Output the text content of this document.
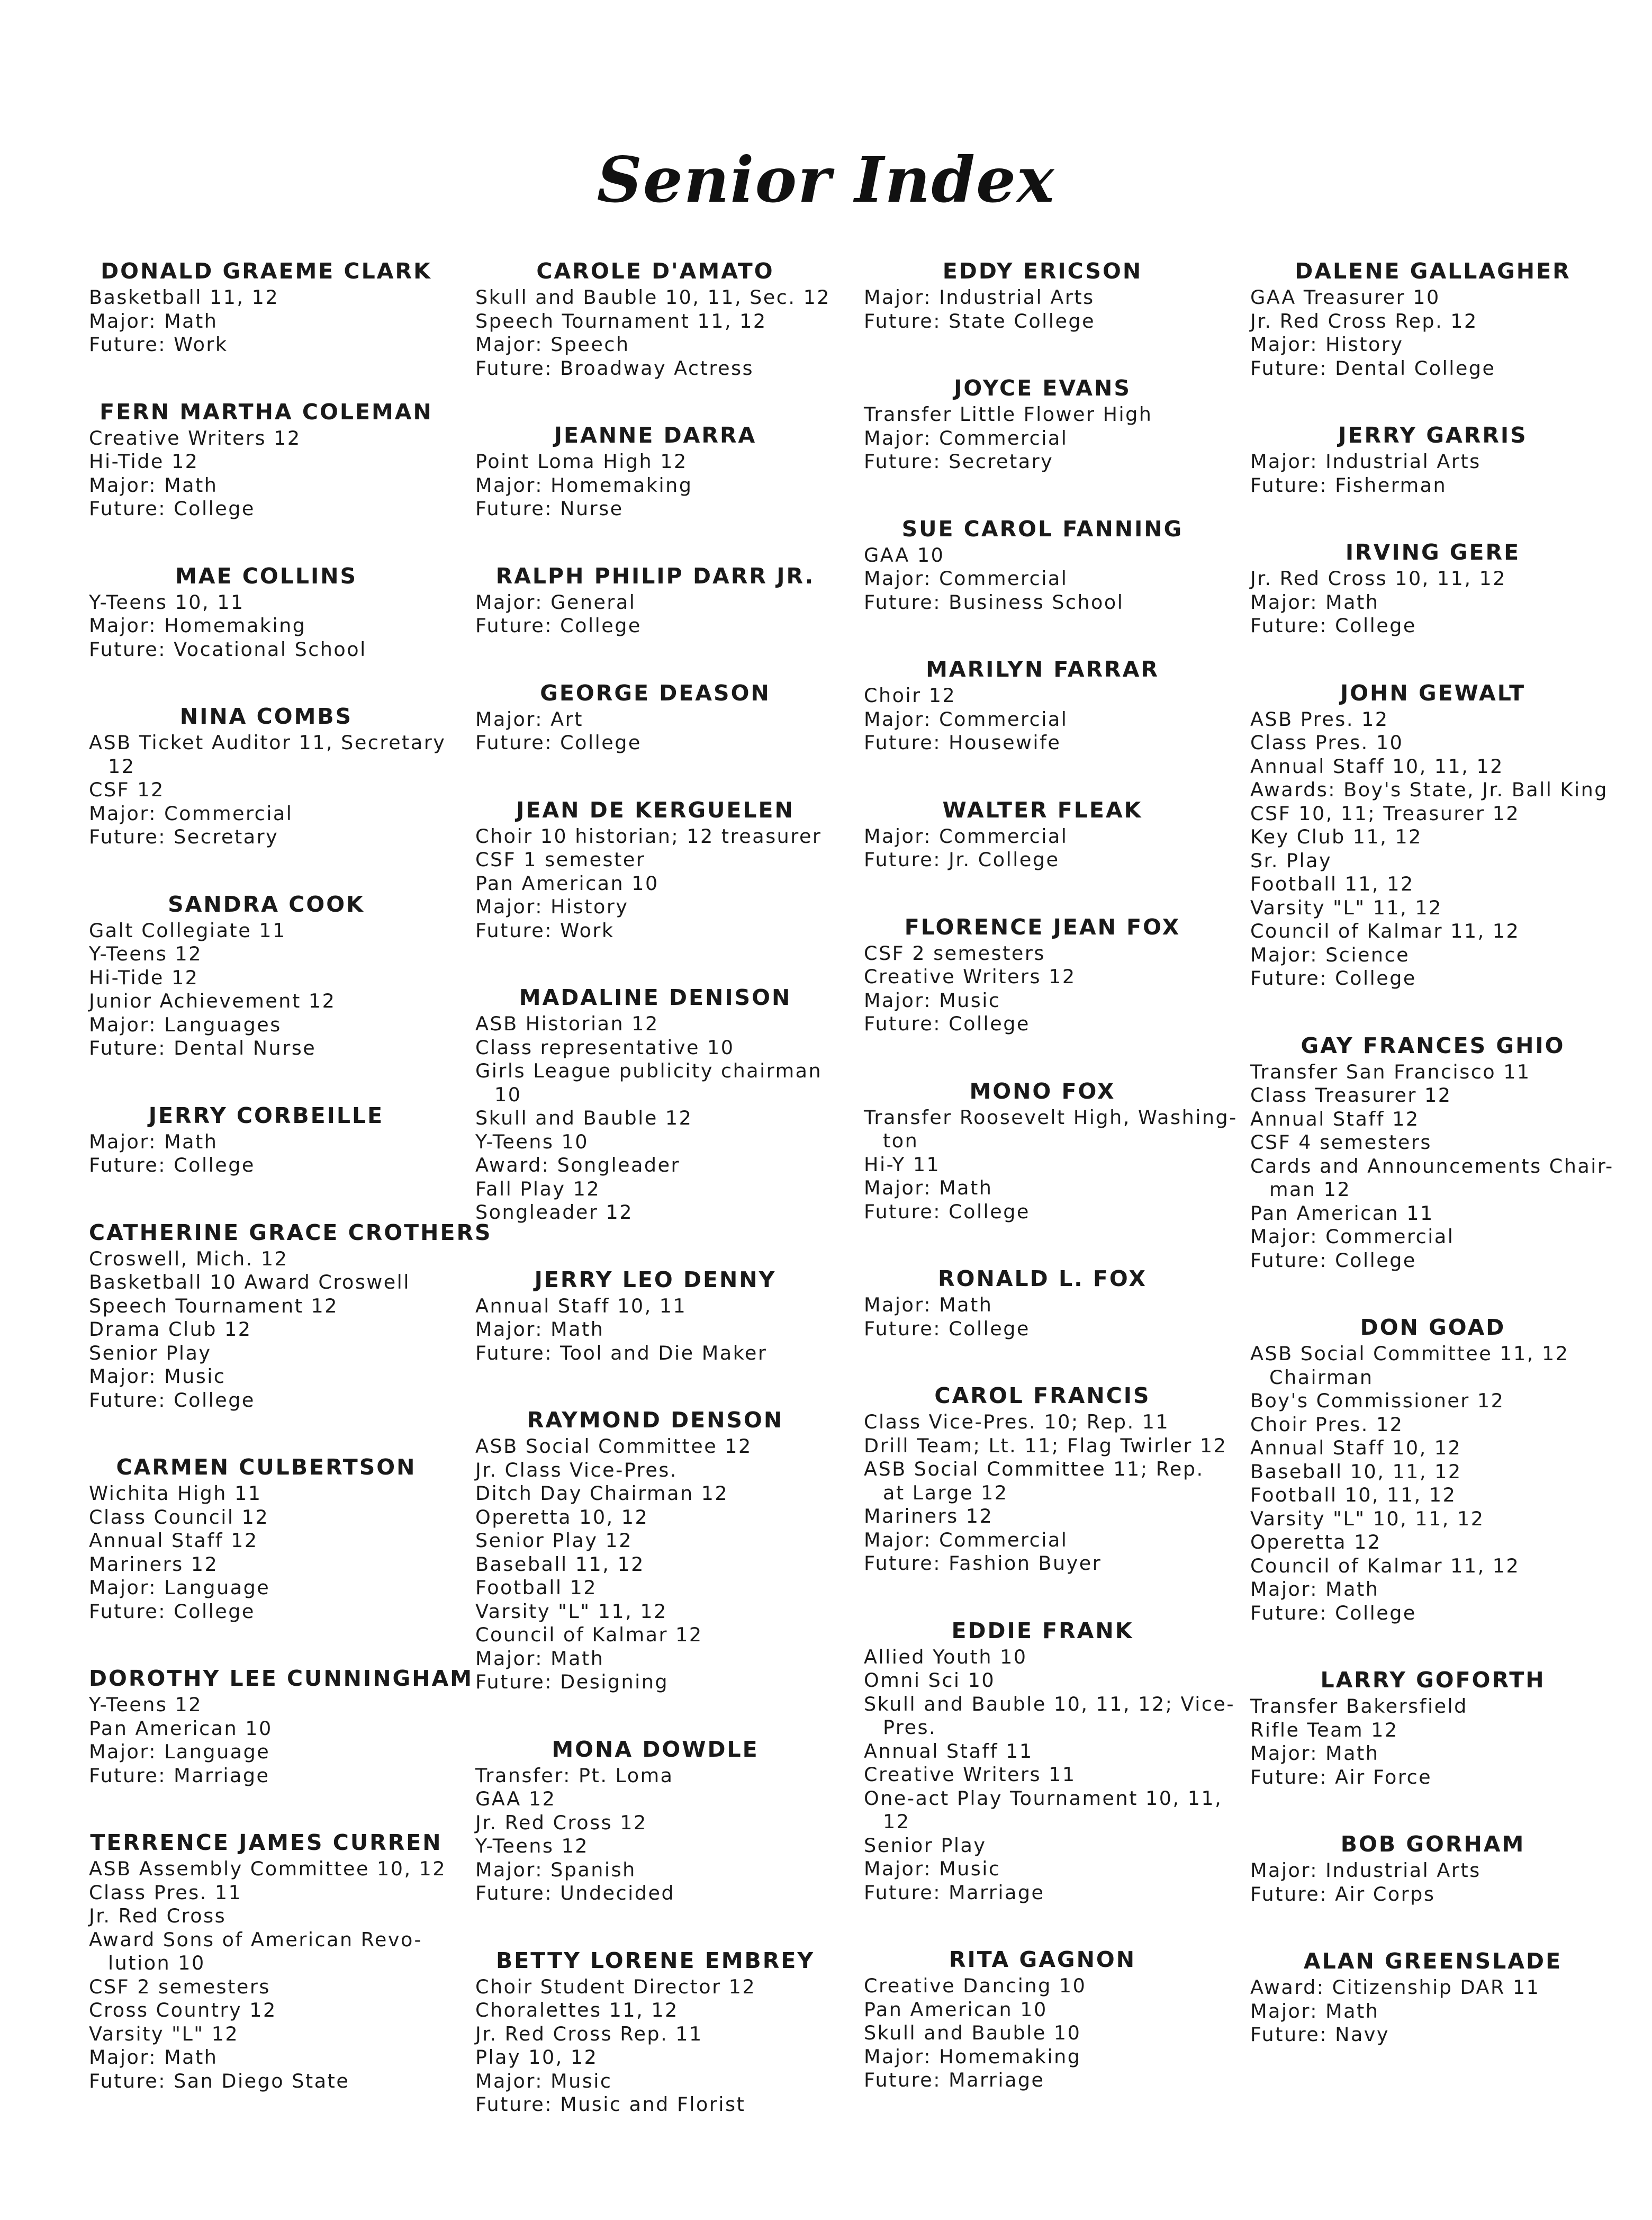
Senior Index
DONALD GRAEME CLARK
Basketball 11, 12
Major: Math
Future: Work
FERN MARTHA COLEMAN
Creative Writers 12
Hi-Tide 12
Major: Math
Future: College
MAE COLLINS
Y-Teens 10, 11
Major: Homemaking
Future: Vocational School
NINA COMBS
ASB Ticket Auditor 11, Secretary
12
CSF 12
Major: Commercial
Future: Secretary
SANDRA COOK
Galt Collegiate 11
Y-Teens 12
Hi-Tide 12
Junior Achievement 12
Major: Languages
Future: Dental Nurse
JERRY CORBEILLE
Major: Math
Future: College
CATHERINE GRACE CROTHERS
Croswell, Mich. 12
Basketball 10 Award Croswell
Speech Tournament 12
Drama Club 12
Senior Play
Major: Music
Future: College
CARMEN CULBERTSON
Wichita High 11
Class Council 12
Annual Staff 12
Mariners 12
Major: Language
Future: College
DOROTHY LEE CUNNINGHAM
Y-Teens 12
Pan American 10
Major: Language
Future: Marriage
TERRENCE JAMES CURREN
ASB Assembly Committee 10, 12
Class Pres. 11
Jr. Red Cross
Award Sons of American Revo-
lution 10
CSF 2 semesters
Cross Country 12
Varsity "L" 12
Major: Math
Future: San Diego State
CAROLE D'AMATO
Skull and Bauble 10, 11, Sec. 12
Speech Tournament 11, 12
Major: Speech
Future: Broadway Actress
JEANNE DARRA
Point Loma High 12
Major: Homemaking
Future: Nurse
RALPH PHILIP DARR JR.
Major: General
Future: College
GEORGE DEASON
Major: Art
Future: College
JEAN DE KERGUELEN
Choir 10 historian; 12 treasurer
CSF 1 semester
Pan American 10
Major: History
Future: Work
MADALINE DENISON
ASB Historian 12
Class representative 10
Girls League publicity chairman
10
Skull and Bauble 12
Y-Teens 10
Award: Songleader
Fall Play 12
Songleader 12
JERRY LEO DENNY
Annual Staff 10, 11
Major: Math
Future: Tool and Die Maker
RAYMOND DENSON
ASB Social Committee 12
Jr. Class Vice-Pres.
Ditch Day Chairman 12
Operetta 10, 12
Senior Play 12
Baseball 11, 12
Football 12
Varsity "L" 11, 12
Council of Kalmar 12
Major: Math
Future: Designing
MONA DOWDLE
Transfer: Pt. Loma
GAA 12
Jr. Red Cross 12
Y-Teens 12
Major: Spanish
Future: Undecided
BETTY LORENE EMBREY
Choir Student Director 12
Choralettes 11, 12
Jr. Red Cross Rep. 11
Play 10, 12
Major: Music
Future: Music and Florist
EDDY ERICSON
Major: Industrial Arts
Future: State College
JOYCE EVANS
Transfer Little Flower High
Major: Commercial
Future: Secretary
SUE CAROL FANNING
GAA 10
Major: Commercial
Future: Business School
MARILYN FARRAR
Choir 12
Major: Commercial
Future: Housewife
WALTER FLEAK
Major: Commercial
Future: Jr. College
FLORENCE JEAN FOX
CSF 2 semesters
Creative Writers 12
Major: Music
Future: College
MONO FOX
Transfer Roosevelt High, Washing-
ton
Hi-Y 11
Major: Math
Future: College
RONALD L. FOX
Major: Math
Future: College
CAROL FRANCIS
Class Vice-Pres. 10; Rep. 11
Drill Team; Lt. 11; Flag Twirler 12
ASB Social Committee 11; Rep.
at Large 12
Mariners 12
Major: Commercial
Future: Fashion Buyer
EDDIE FRANK
Allied Youth 10
Omni Sci 10
Skull and Bauble 10, 11, 12; Vice-
Pres.
Annual Staff 11
Creative Writers 11
One-act Play Tournament 10, 11,
12
Senior Play
Major: Music
Future: Marriage
RITA GAGNON
Creative Dancing 10
Pan American 10
Skull and Bauble 10
Major: Homemaking
Future: Marriage
DALENE GALLAGHER
GAA Treasurer 10
Jr. Red Cross Rep. 12
Major: History
Future: Dental College
JERRY GARRIS
Major: Industrial Arts
Future: Fisherman
IRVING GERE
Jr. Red Cross 10, 11, 12
Major: Math
Future: College
JOHN GEWALT
ASB Pres. 12
Class Pres. 10
Annual Staff 10, 11, 12
Awards: Boy's State, Jr. Ball King
CSF 10, 11; Treasurer 12
Key Club 11, 12
Sr. Play
Football 11, 12
Varsity "L" 11, 12
Council of Kalmar 11, 12
Major: Science
Future: College
GAY FRANCES GHIO
Transfer San Francisco 11
Class Treasurer 12
Annual Staff 12
CSF 4 semesters
Cards and Announcements Chair-
man 12
Pan American 11
Major: Commercial
Future: College
DON GOAD
ASB Social Committee 11, 12
Chairman
Boy's Commissioner 12
Choir Pres. 12
Annual Staff 10, 12
Baseball 10, 11, 12
Football 10, 11, 12
Varsity "L" 10, 11, 12
Operetta 12
Council of Kalmar 11, 12
Major: Math
Future: College
LARRY GOFORTH
Transfer Bakersfield
Rifle Team 12
Major: Math
Future: Air Force
BOB GORHAM
Major: Industrial Arts
Future: Air Corps
ALAN GREENSLADE
Award: Citizenship DAR 11
Major: Math
Future: Navy
